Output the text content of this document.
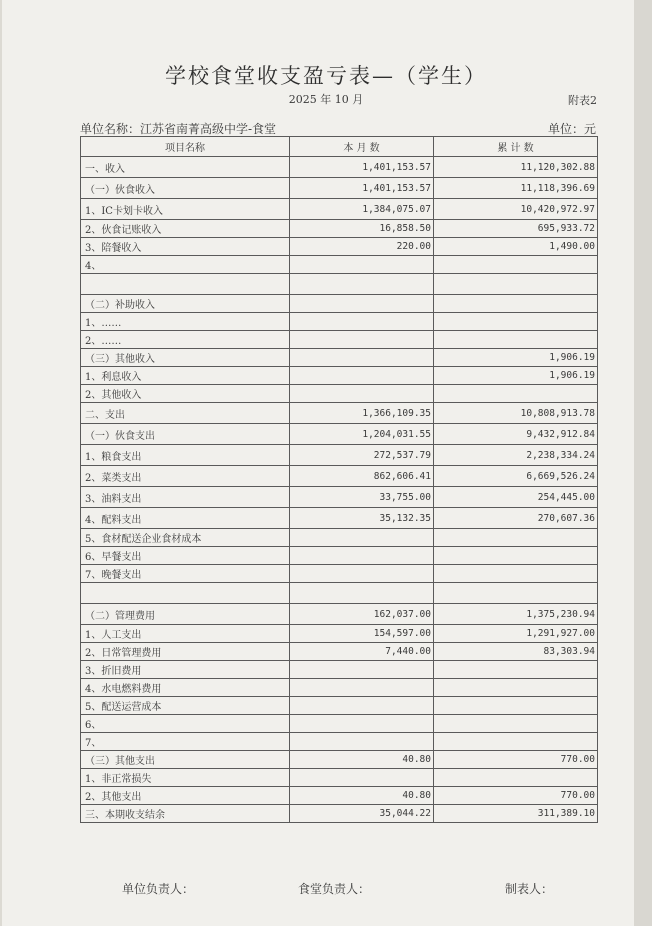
学校食堂收支盈亏表—（学生）
2025 年 10 月	附表2
单位名称：江苏省南菁高级中学-食堂	单位：元
项目名称	本 月 数	累 计 数
一、收入	1,401,153.57	11,120,302.88
（一）伙食收入	1,401,153.57	11,118,396.69
1、IC卡划卡收入	1,384,075.07	10,420,972.97
2、伙食记账收入	16,858.50	695,933.72
3、陪餐收入	220.00	1,490.00
4、		

（二）补助收入		
1、……		
2、……		
（三）其他收入		1,906.19
1、利息收入		1,906.19
2、其他收入		
二、支出	1,366,109.35	10,808,913.78
（一）伙食支出	1,204,031.55	9,432,912.84
1、粮食支出	272,537.79	2,238,334.24
2、菜类支出	862,606.41	6,669,526.24
3、油料支出	33,755.00	254,445.00
4、配料支出	35,132.35	270,607.36
5、食材配送企业食材成本		
6、早餐支出		
7、晚餐支出		

（二）管理费用	162,037.00	1,375,230.94
1、人工支出	154,597.00	1,291,927.00
2、日常管理费用	7,440.00	83,303.94
3、折旧费用		
4、水电燃料费用		
5、配送运营成本		
6、		
7、		
（三）其他支出	40.80	770.00
1、非正常损失		
2、其他支出	40.80	770.00
三、本期收支结余	35,044.22	311,389.10
单位负责人：	食堂负责人：	制表人：
